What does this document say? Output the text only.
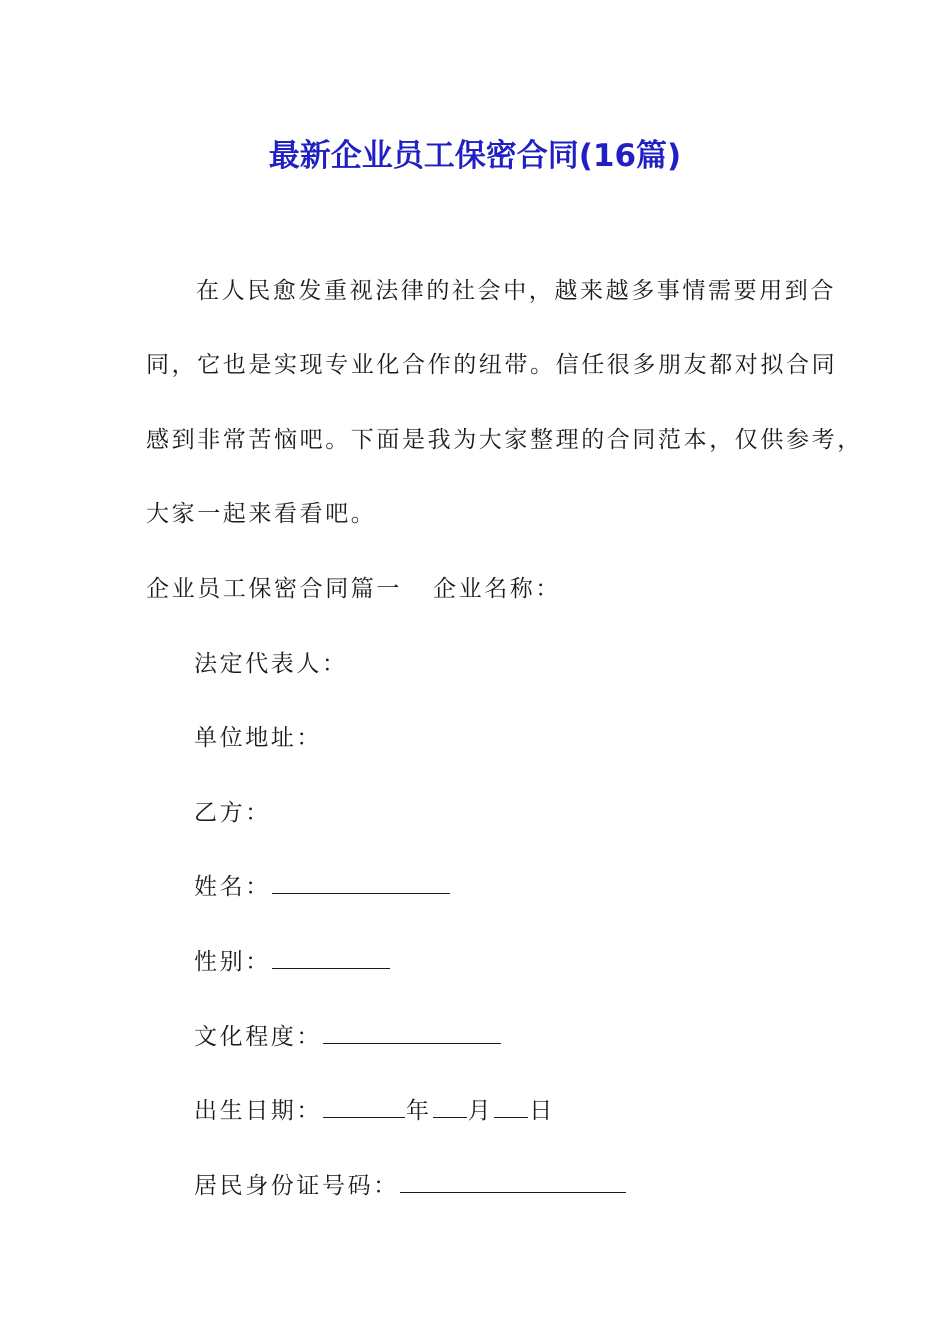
最新企业员工保密合同(16篇)
在人民愈发重视法律的社会中，越来越多事情需要用到合
同，它也是实现专业化合作的纽带。信任很多朋友都对拟合同
感到非常苦恼吧。下面是我为大家整理的合同范本，仅供参考，
大家一起来看看吧。
企业员工保密合同篇一 企业名称：
法定代表人：
单位地址：
乙方：
姓名：
性别：
文化程度：
出生日期：	年 月 日
居民身份证号码：
